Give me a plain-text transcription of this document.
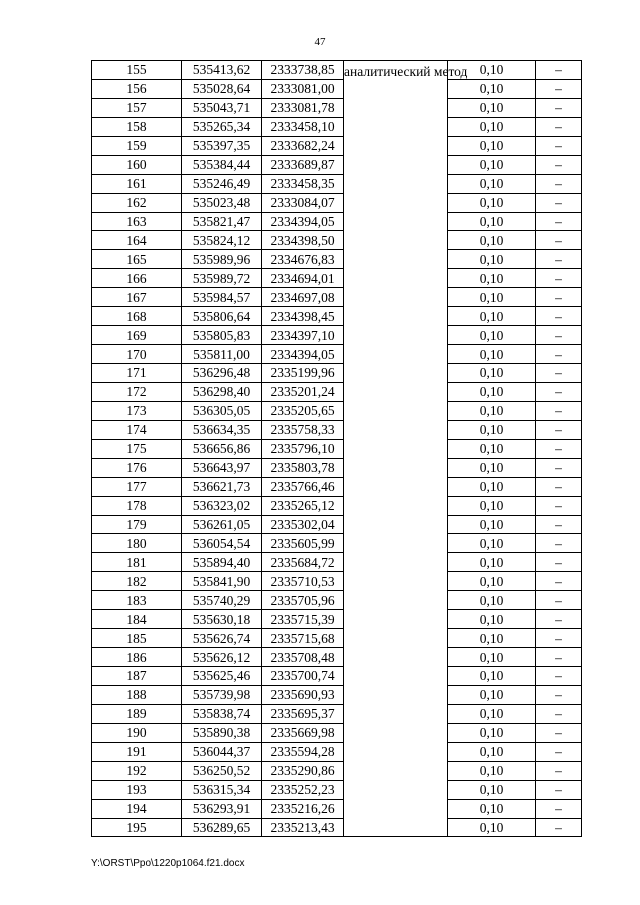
47
155	535413,62	2333738,85	аналитический метод	0,10	–
156	535028,64	2333081,00		0,10	–
157	535043,71	2333081,78		0,10	–
158	535265,34	2333458,10		0,10	–
159	535397,35	2333682,24		0,10	–
160	535384,44	2333689,87		0,10	–
161	535246,49	2333458,35		0,10	–
162	535023,48	2333084,07		0,10	–
163	535821,47	2334394,05		0,10	–
164	535824,12	2334398,50		0,10	–
165	535989,96	2334676,83		0,10	–
166	535989,72	2334694,01		0,10	–
167	535984,57	2334697,08		0,10	–
168	535806,64	2334398,45		0,10	–
169	535805,83	2334397,10		0,10	–
170	535811,00	2334394,05		0,10	–
171	536296,48	2335199,96		0,10	–
172	536298,40	2335201,24		0,10	–
173	536305,05	2335205,65		0,10	–
174	536634,35	2335758,33		0,10	–
175	536656,86	2335796,10		0,10	–
176	536643,97	2335803,78		0,10	–
177	536621,73	2335766,46		0,10	–
178	536323,02	2335265,12		0,10	–
179	536261,05	2335302,04		0,10	–
180	536054,54	2335605,99		0,10	–
181	535894,40	2335684,72		0,10	–
182	535841,90	2335710,53		0,10	–
183	535740,29	2335705,96		0,10	–
184	535630,18	2335715,39		0,10	–
185	535626,74	2335715,68		0,10	–
186	535626,12	2335708,48		0,10	–
187	535625,46	2335700,74		0,10	–
188	535739,98	2335690,93		0,10	–
189	535838,74	2335695,37		0,10	–
190	535890,38	2335669,98		0,10	–
191	536044,37	2335594,28		0,10	–
192	536250,52	2335290,86		0,10	–
193	536315,34	2335252,23		0,10	–
194	536293,91	2335216,26		0,10	–
195	536289,65	2335213,43		0,10	–
Y:\ORST\Ppo\1220p1064.f21.docx
